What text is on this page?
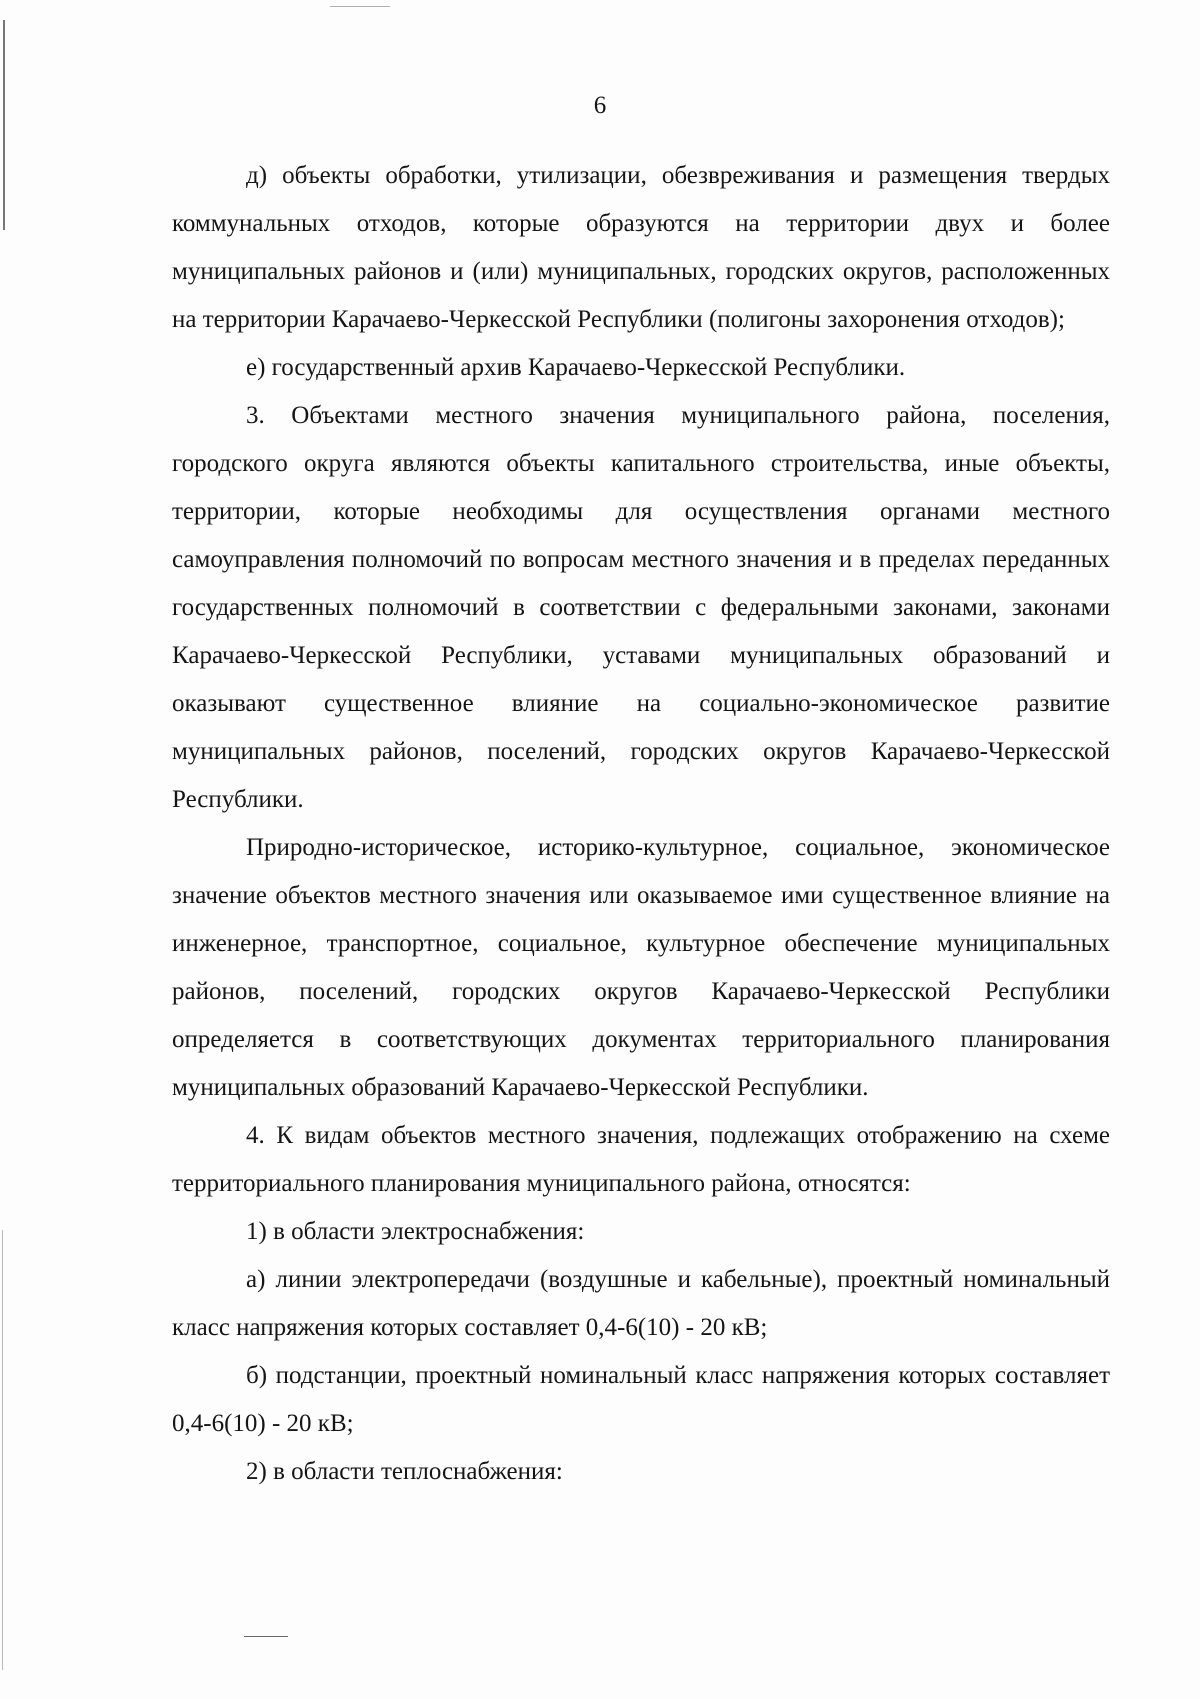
6

д) объекты обработки, утилизации, обезвреживания и размещения твердых коммунальных отходов, которые образуются на территории двух и более муниципальных районов и (или) муниципальных, городских округов, расположенных на территории Карачаево-Черкесской Республики (полигоны захоронения отходов);

е) государственный архив Карачаево-Черкесской Республики.

3. Объектами местного значения муниципального района, поселения, городского округа являются объекты капитального строительства, иные объекты, территории, которые необходимы для осуществления органами местного самоуправления полномочий по вопросам местного значения и в пределах переданных государственных полномочий в соответствии с федеральными законами, законами Карачаево-Черкесской Республики, уставами муниципальных образований и оказывают существенное влияние на социально-экономическое развитие муниципальных районов, поселений, городских округов Карачаево-Черкесской Республики.

Природно-историческое, историко-культурное, социальное, экономическое значение объектов местного значения или оказываемое ими существенное влияние на инженерное, транспортное, социальное, культурное обеспечение муниципальных районов, поселений, городских округов Карачаево-Черкесской Республики определяется в соответствующих документах территориального планирования муниципальных образований Карачаево-Черкесской Республики.

4. К видам объектов местного значения, подлежащих отображению на схеме территориального планирования муниципального района, относятся:

1) в области электроснабжения:

а) линии электропередачи (воздушные и кабельные), проектный номинальный класс напряжения которых составляет 0,4-6(10) - 20 кВ;

б) подстанции, проектный номинальный класс напряжения которых составляет 0,4-6(10) - 20 кВ;

2) в области теплоснабжения:
